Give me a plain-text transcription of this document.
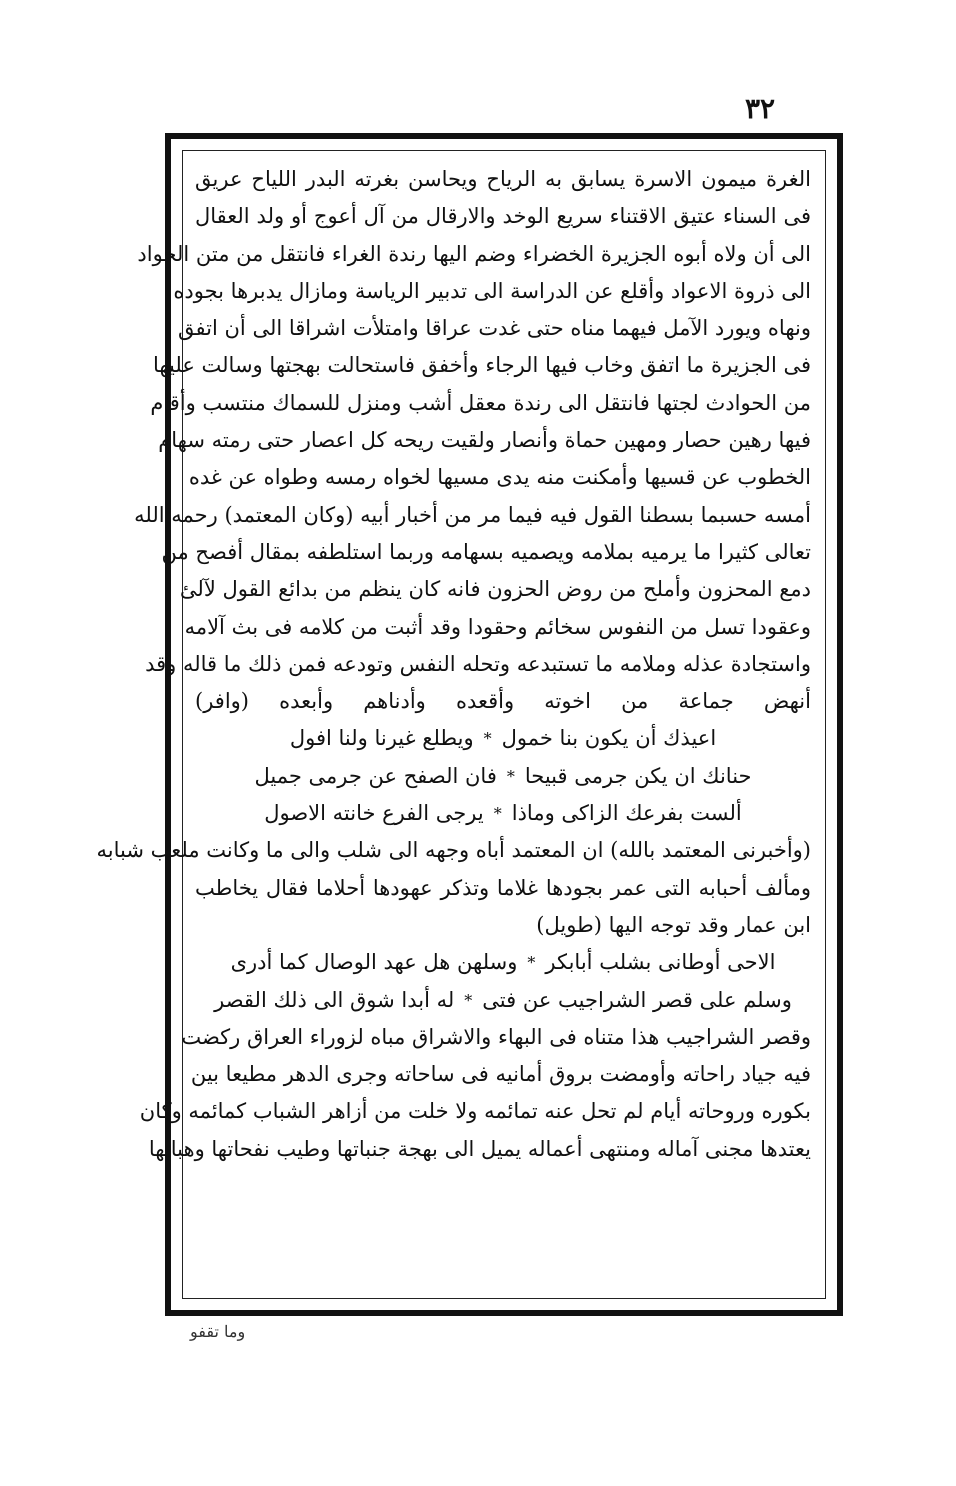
٣٢
الغرة ميمون الاسرة يسابق به الرياح ويحاسن بغرته البدر اللياح عريق
فى السناء عتيق الاقتناء سريع الوخد والارقال من آل أعوج أو ولد العقال
الى أن ولاه أبوه الجزيرة الخضراء وضم اليها رندة الغراء فانتقل من متن الجواد
الى ذروة الاعواد وأقلع عن الدراسة الى تدبير الرياسة ومازال يدبرها بجوده
ونهاه ويورد الآمل فيهما مناه حتى غدت عراقا وامتلأت اشراقا الى أن اتفق
فى الجزيرة ما اتفق وخاب فيها الرجاء وأخفق فاستحالت بهجتها وسالت عليها
من الحوادث لجتها فانتقل الى رندة معقل أشب ومنزل للسماك منتسب وأقام
فيها رهين حصار ومهين حماة وأنصار ولقيت ريحه كل اعصار حتى رمته سهام
الخطوب عن قسيها وأمكنت منه يدى مسيها لخواه رمسه وطواه عن غده
أمسه حسبما بسطنا القول فيه فيما مر من أخبار أبيه (وكان المعتمد) رحمه الله
تعالى كثيرا ما يرميه بملامه ويصميه بسهامه وربما استلطفه بمقال أفصح من
دمع المحزون وأملح من روض الحزون فانه كان ينظم من بدائع القول لآلئ
وعقودا تسل من النفوس سخائم وحقودا وقد أثبت من كلامه فى بث آلامه
واستجادة عذله وملامه ما تستبدعه وتحله النفس وتودعه فمن ذلك ما قاله وقد
أنهض جماعة من اخوته وأقعده وأدناهم وأبعده (وافر)
اعيذك أن يكون بنا خمول
*
ويطلع غيرنا ولنا افول
حنانك ان يكن جرمى قبيحا
*
فان الصفح عن جرمى جميل
ألست بفرعك الزاكى وماذا
*
يرجى الفرع خانته الاصول
(وأخبرنى المعتمد بالله) ان المعتمد أباه وجهه الى شلب والى ما وكانت ملعب شبابه
ومألف أحبابه التى عمر بجودها غلاما وتذكر عهودها أحلاما فقال يخاطب
ابن عمار وقد توجه اليها (طويل)
الاحى أوطانى بشلب أبابكر
*
وسلهن هل عهد الوصال كما أدرى
وسلم على قصر الشراجيب عن فتى
*
له أبدا شوق الى ذلك القصر
وقصر الشراجيب هذا متناه فى البهاء والاشراق مباه لزوراء العراق ركضت
فيه جياد راحاته وأومضت بروق أمانيه فى ساحاته وجرى الدهر مطيعا بين
بكوره وروحاته أيام لم تحل عنه تمائمه ولا خلت من أزاهر الشباب كمائمه وكان
يعتدها مجنى آماله ومنتهى أعماله يميل الى بهجة جنباتها وطيب نفحاتها وهباتها
وما تقفو
